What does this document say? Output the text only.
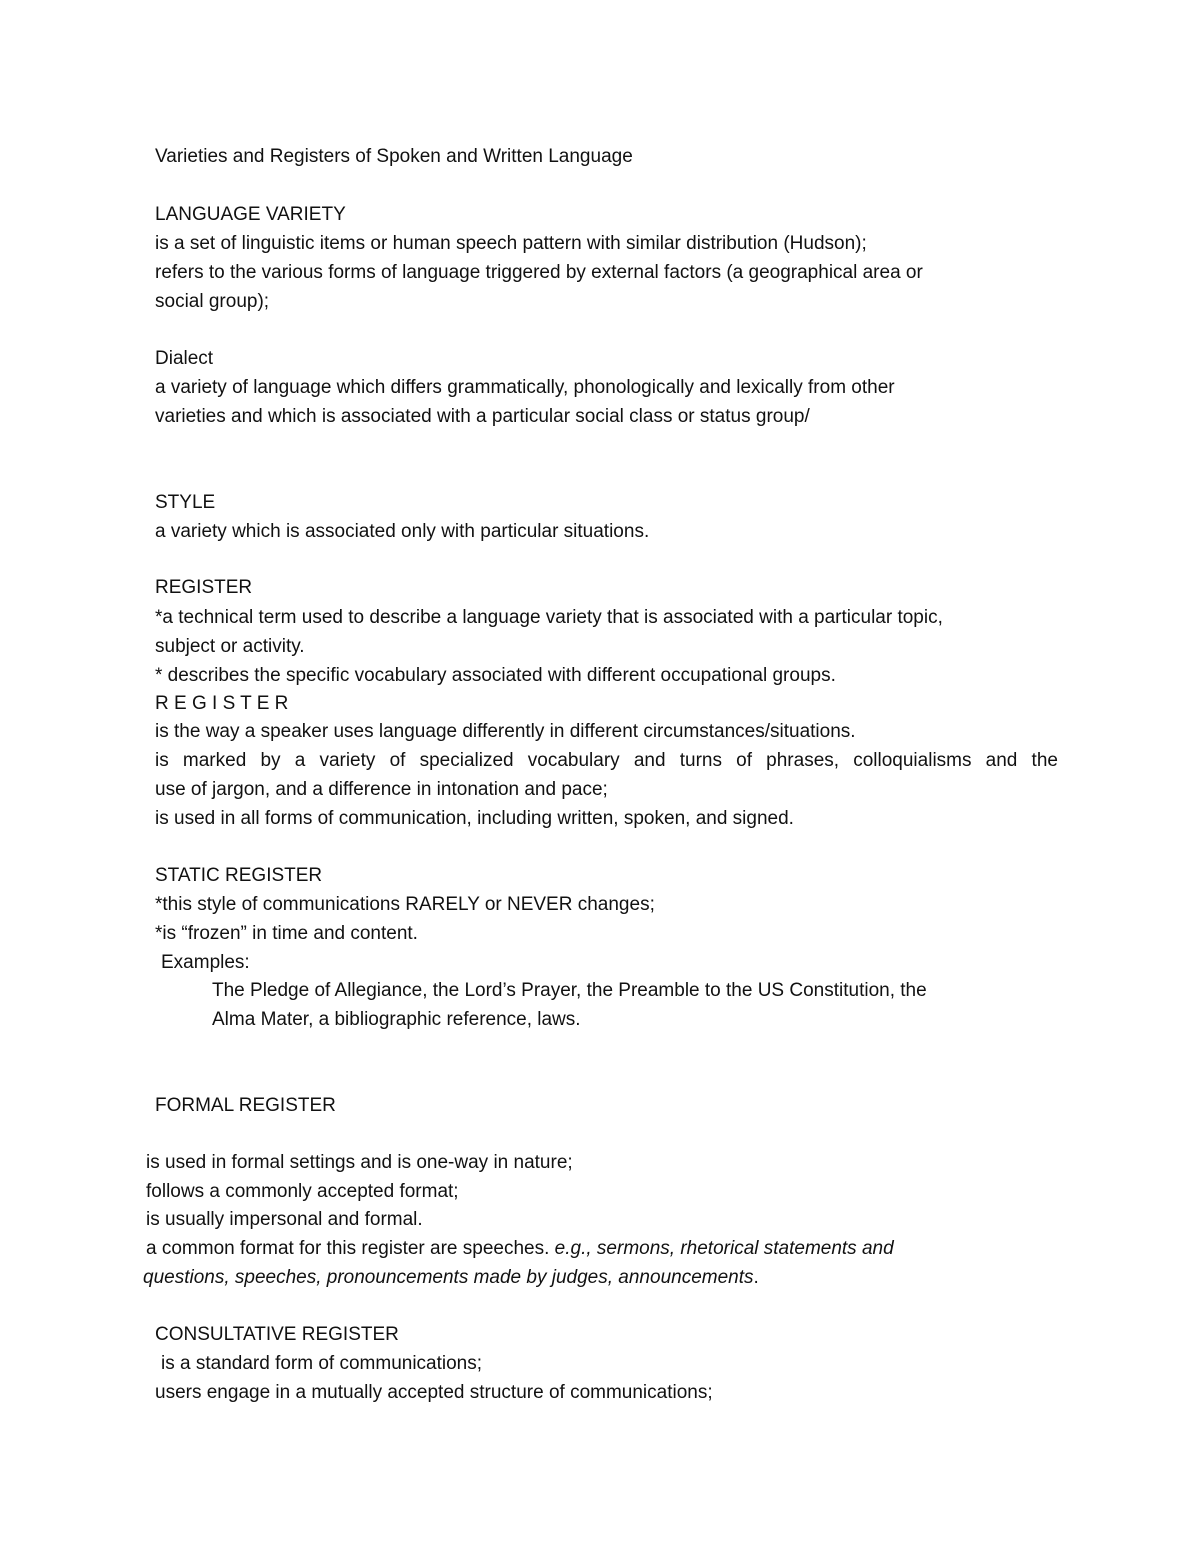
Varieties and Registers of Spoken and Written Language

LANGUAGE VARIETY

is a set of linguistic items or human speech pattern with similar distribution (Hudson);

refers to the various forms of language triggered by external factors (a geographical area or

social group);

Dialect

a variety of language which differs grammatically, phonologically and lexically from other

varieties and which is associated with a particular social class or status group/

STYLE

a variety which is associated only with particular situations.

REGISTER

*a technical term used to describe a language variety that is associated with a particular topic,

subject or activity.

* describes the specific vocabulary associated with different occupational groups.

R E G I S T E R

is the way a speaker uses language differently in different circumstances/situations.

is marked by a variety of specialized vocabulary and turns of phrases, colloquialisms and the

use of jargon, and a difference in intonation and pace;

is used in all forms of communication, including written, spoken, and signed.

STATIC REGISTER

*this style of communications RARELY or NEVER changes;

*is “frozen” in time and content.

Examples:

The Pledge of Allegiance, the Lord’s Prayer, the Preamble to the US Constitution, the

Alma Mater, a bibliographic reference, laws.

FORMAL REGISTER

is used in formal settings and is one-way in nature;

follows a commonly accepted format;

is usually impersonal and formal.

a common format for this register are speeches. e.g., sermons, rhetorical statements and

questions, speeches, pronouncements made by judges, announcements.

CONSULTATIVE REGISTER

is a standard form of communications;

users engage in a mutually accepted structure of communications;
